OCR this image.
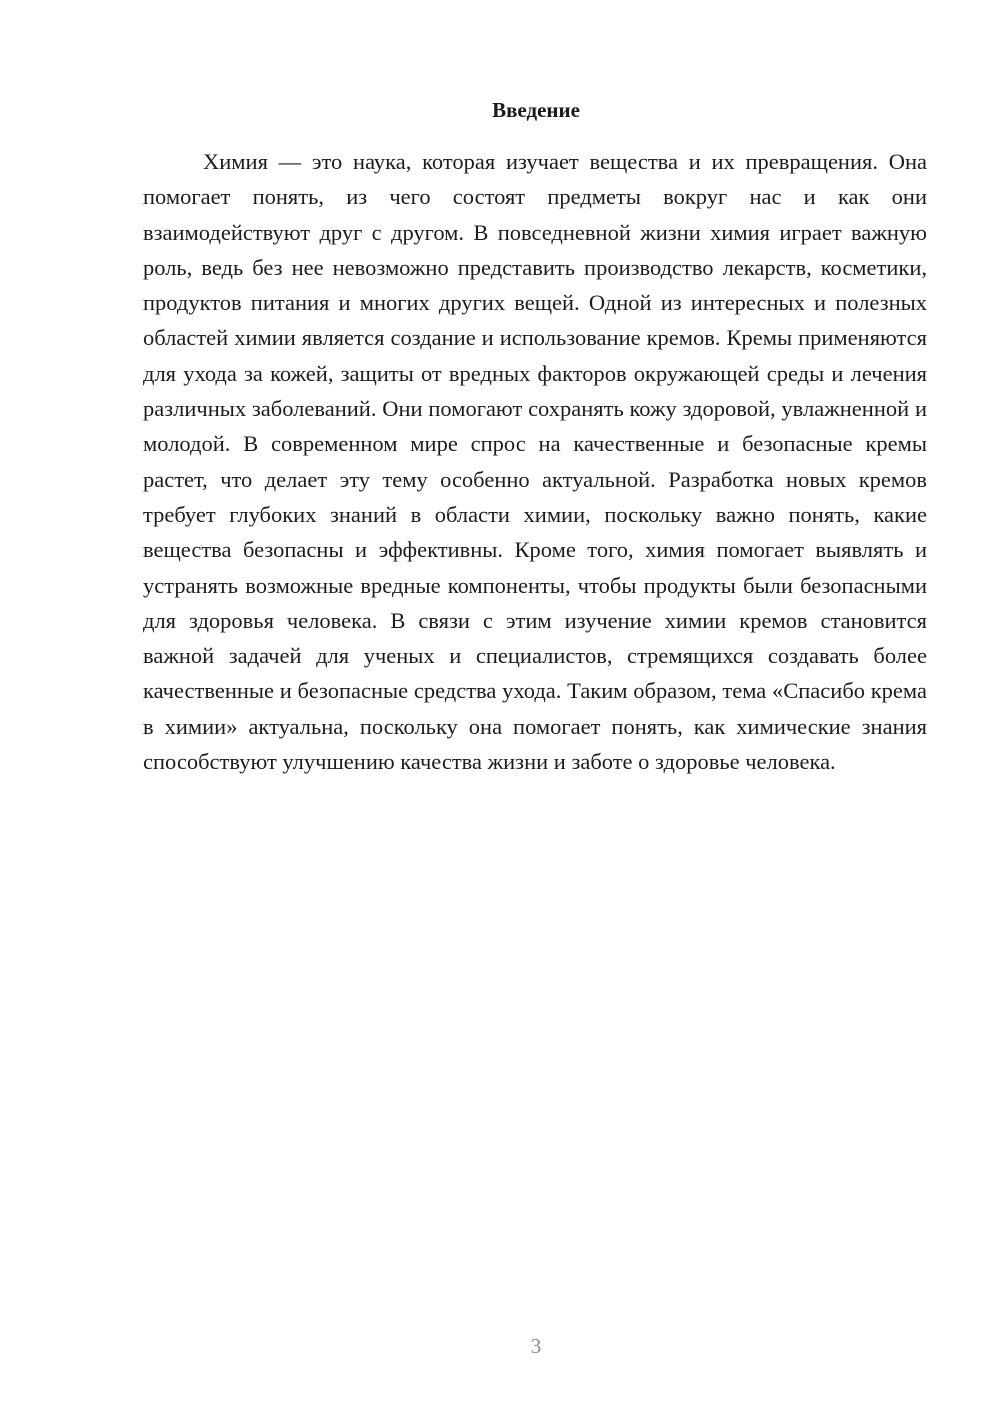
Введение

Химия — это наука, которая изучает вещества и их превращения. Она помогает понять, из чего состоят предметы вокруг нас и как они взаимодействуют друг с другом. В повседневной жизни химия играет важную роль, ведь без нее невозможно представить производство лекарств, косметики, продуктов питания и многих других вещей. Одной из интересных и полезных областей химии является создание и использование кремов. Кремы применяются для ухода за кожей, защиты от вредных факторов окружающей среды и лечения различных заболеваний. Они помогают сохранять кожу здоровой, увлажненной и молодой. В современном мире спрос на качественные и безопасные кремы растет, что делает эту тему особенно актуальной. Разработка новых кремов требует глубоких знаний в области химии, поскольку важно понять, какие вещества безопасны и эффективны. Кроме того, химия помогает выявлять и устранять возможные вредные компоненты, чтобы продукты были безопасными для здоровья человека. В связи с этим изучение химии кремов становится важной задачей для ученых и специалистов, стремящихся создавать более качественные и безопасные средства ухода. Таким образом, тема «Спасибо крема в химии» актуальна, поскольку она помогает понять, как химические знания способствуют улучшению качества жизни и заботе о здоровье человека.

3
